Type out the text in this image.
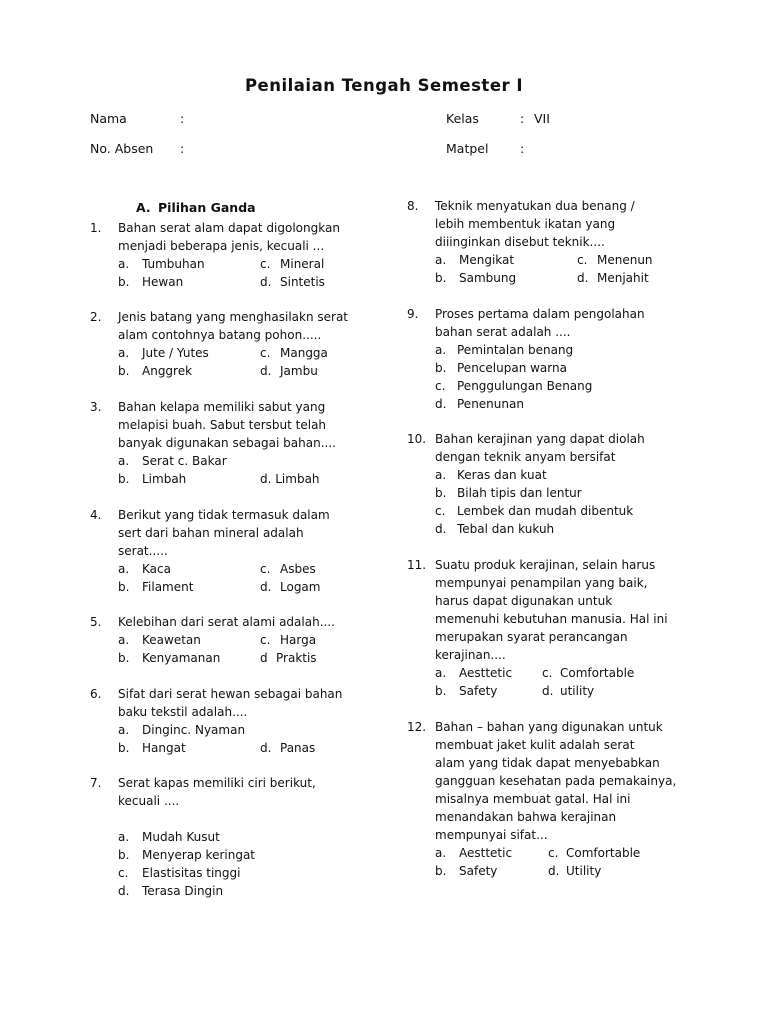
Penilaian Tengah Semester I
Nama	:
No. Absen :
Kelas	: VII
Matpel	:
A. Pilihan Ganda
1. Bahan serat alam dapat digolongkan
menjadi beberapa jenis, kecuali ...
a. Tumbuhan	c. Mineral
b. Hewan	d. Sintetis
2. Jenis batang yang menghasilakn serat
alam contohnya batang pohon.....
a. Jute / Yutes	c. Mangga
b. Anggrek	d. Jambu
3. Bahan kelapa memiliki sabut yang
melapisi buah. Sabut tersbut telah
banyak digunakan sebagai bahan....
a. Serat c. Bakar
b. Limbah	d. Limbah
4. Berikut yang tidak termasuk dalam
sert dari bahan mineral adalah
serat.....
a. Kaca	c. Asbes
b. Filament	d. Logam
5. Kelebihan dari serat alami adalah....
a. Keawetan	c. Harga
b. Kenyamanan	d Praktis
6. Sifat dari serat hewan sebagai bahan
baku tekstil adalah....
a. Dinginc. Nyaman
b. Hangat	d. Panas
7. Serat kapas memiliki ciri berikut,
kecuali ....
a. Mudah Kusut
b. Menyerap keringat
c. Elastisitas tinggi
d. Terasa Dingin
8. Teknik menyatukan dua benang /
lebih membentuk ikatan yang
diiinginkan disebut teknik....
a. Mengikat	c. Menenun
b. Sambung	d. Menjahit
9. Proses pertama dalam pengolahan
bahan serat adalah ....
a. Pemintalan benang
b. Pencelupan warna
c. Penggulungan Benang
d. Penenunan
10. Bahan kerajinan yang dapat diolah
dengan teknik anyam bersifat
a. Keras dan kuat
b. Bilah tipis dan lentur
c. Lembek dan mudah dibentuk
d. Tebal dan kukuh
11. Suatu produk kerajinan, selain harus
mempunyai penampilan yang baik,
harus dapat digunakan untuk
memenuhi kebutuhan manusia. Hal ini
merupakan syarat perancangan
kerajinan....
a. Aesttetic c. Comfortable
b. Safety	d. utility
12. Bahan – bahan yang digunakan untuk
membuat jaket kulit adalah serat
alam yang tidak dapat menyebabkan
gangguan kesehatan pada pemakainya,
misalnya membuat gatal. Hal ini
menandakan bahwa kerajinan
mempunyai sifat...
a. Aesttetic	c. Comfortable
b. Safety	d. Utility
